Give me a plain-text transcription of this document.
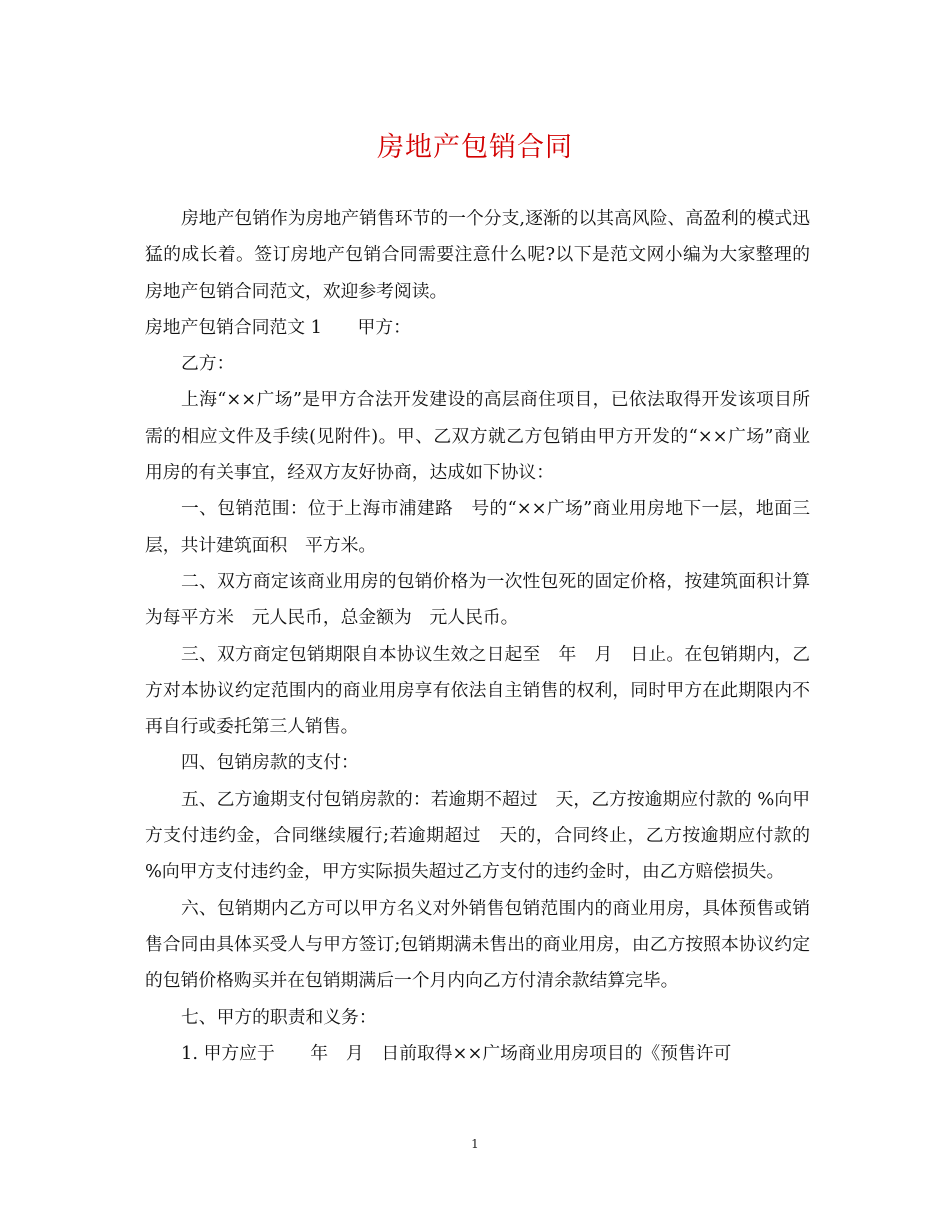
房地产包销合同

房地产包销作为房地产销售环节的一个分支,逐渐的以其高风险、高盈利的模式迅猛的成长着。签订房地产包销合同需要注意什么呢?以下是范文网小编为大家整理的房地产包销合同范文，欢迎参考阅读。

房地产包销合同范文 1　　甲方：

乙方：

上海“××广场”是甲方合法开发建设的高层商住项目，已依法取得开发该项目所需的相应文件及手续(见附件)。甲、乙双方就乙方包销由甲方开发的“××广场”商业用房的有关事宜，经双方友好协商，达成如下协议：

一、包销范围：位于上海市浦建路　号的“××广场”商业用房地下一层，地面三层，共计建筑面积　平方米。

二、双方商定该商业用房的包销价格为一次性包死的固定价格，按建筑面积计算为每平方米　元人民币，总金额为　元人民币。

三、双方商定包销期限自本协议生效之日起至　年　月　日止。在包销期内，乙方对本协议约定范围内的商业用房享有依法自主销售的权利，同时甲方在此期限内不再自行或委托第三人销售。

四、包销房款的支付：

五、乙方逾期支付包销房款的：若逾期不超过　天，乙方按逾期应付款的 %向甲方支付违约金，合同继续履行;若逾期超过　天的，合同终止，乙方按逾期应付款的　 %向甲方支付违约金，甲方实际损失超过乙方支付的违约金时，由乙方赔偿损失。

六、包销期内乙方可以甲方名义对外销售包销范围内的商业用房，具体预售或销售合同由具体买受人与甲方签订;包销期满未售出的商业用房，由乙方按照本协议约定的包销价格购买并在包销期满后一个月内向乙方付清余款结算完毕。

七、甲方的职责和义务：

1. 甲方应于　　年　月　日前取得××广场商业用房项目的《预售许可

1
